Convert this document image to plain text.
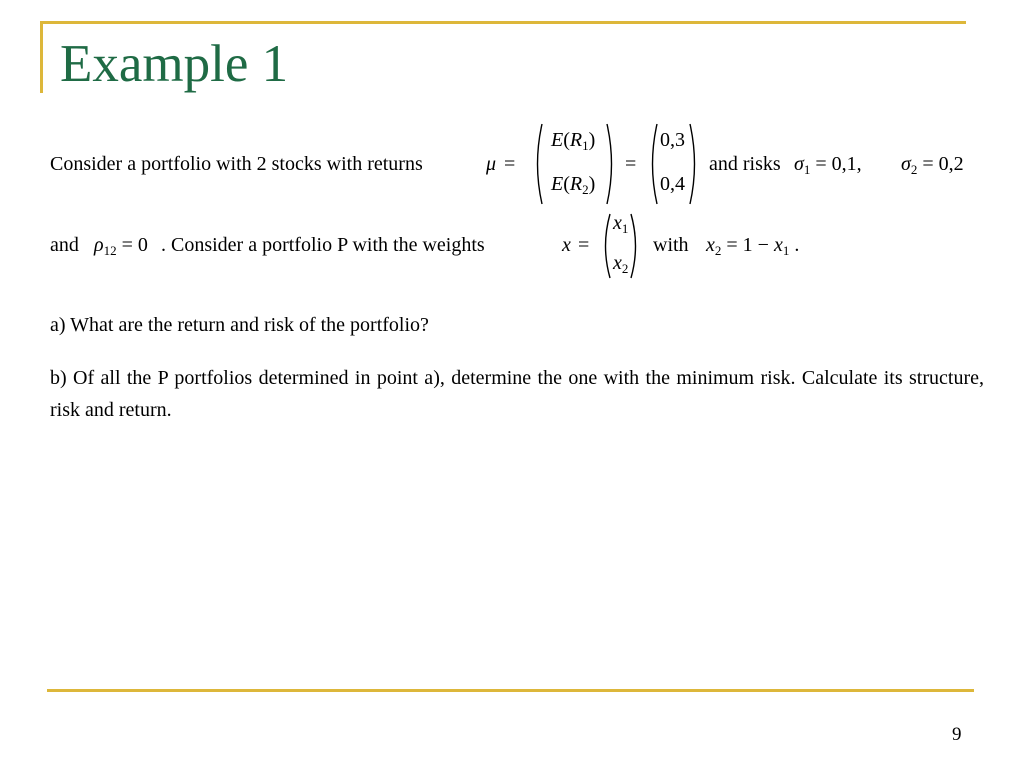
Example 1
Consider a portfolio with 2 stocks with returns	μ =
$E(R_1)$
$E(R_2)$
=
0,3
0,4
and risks $\sigma_1 = 0,1$, $\sigma_2 = 0,2$
and $\rho_{12} = 0$ . Consider a portfolio P with the weights	x =
$x_1$
$x_2$
with $x_2 = 1 - x_1$ .
a) What are the return and risk of the portfolio?
b) Of all the P portfolios determined in point a), determine the one with the minimum risk. Calculate its structure, risk and return.
9
